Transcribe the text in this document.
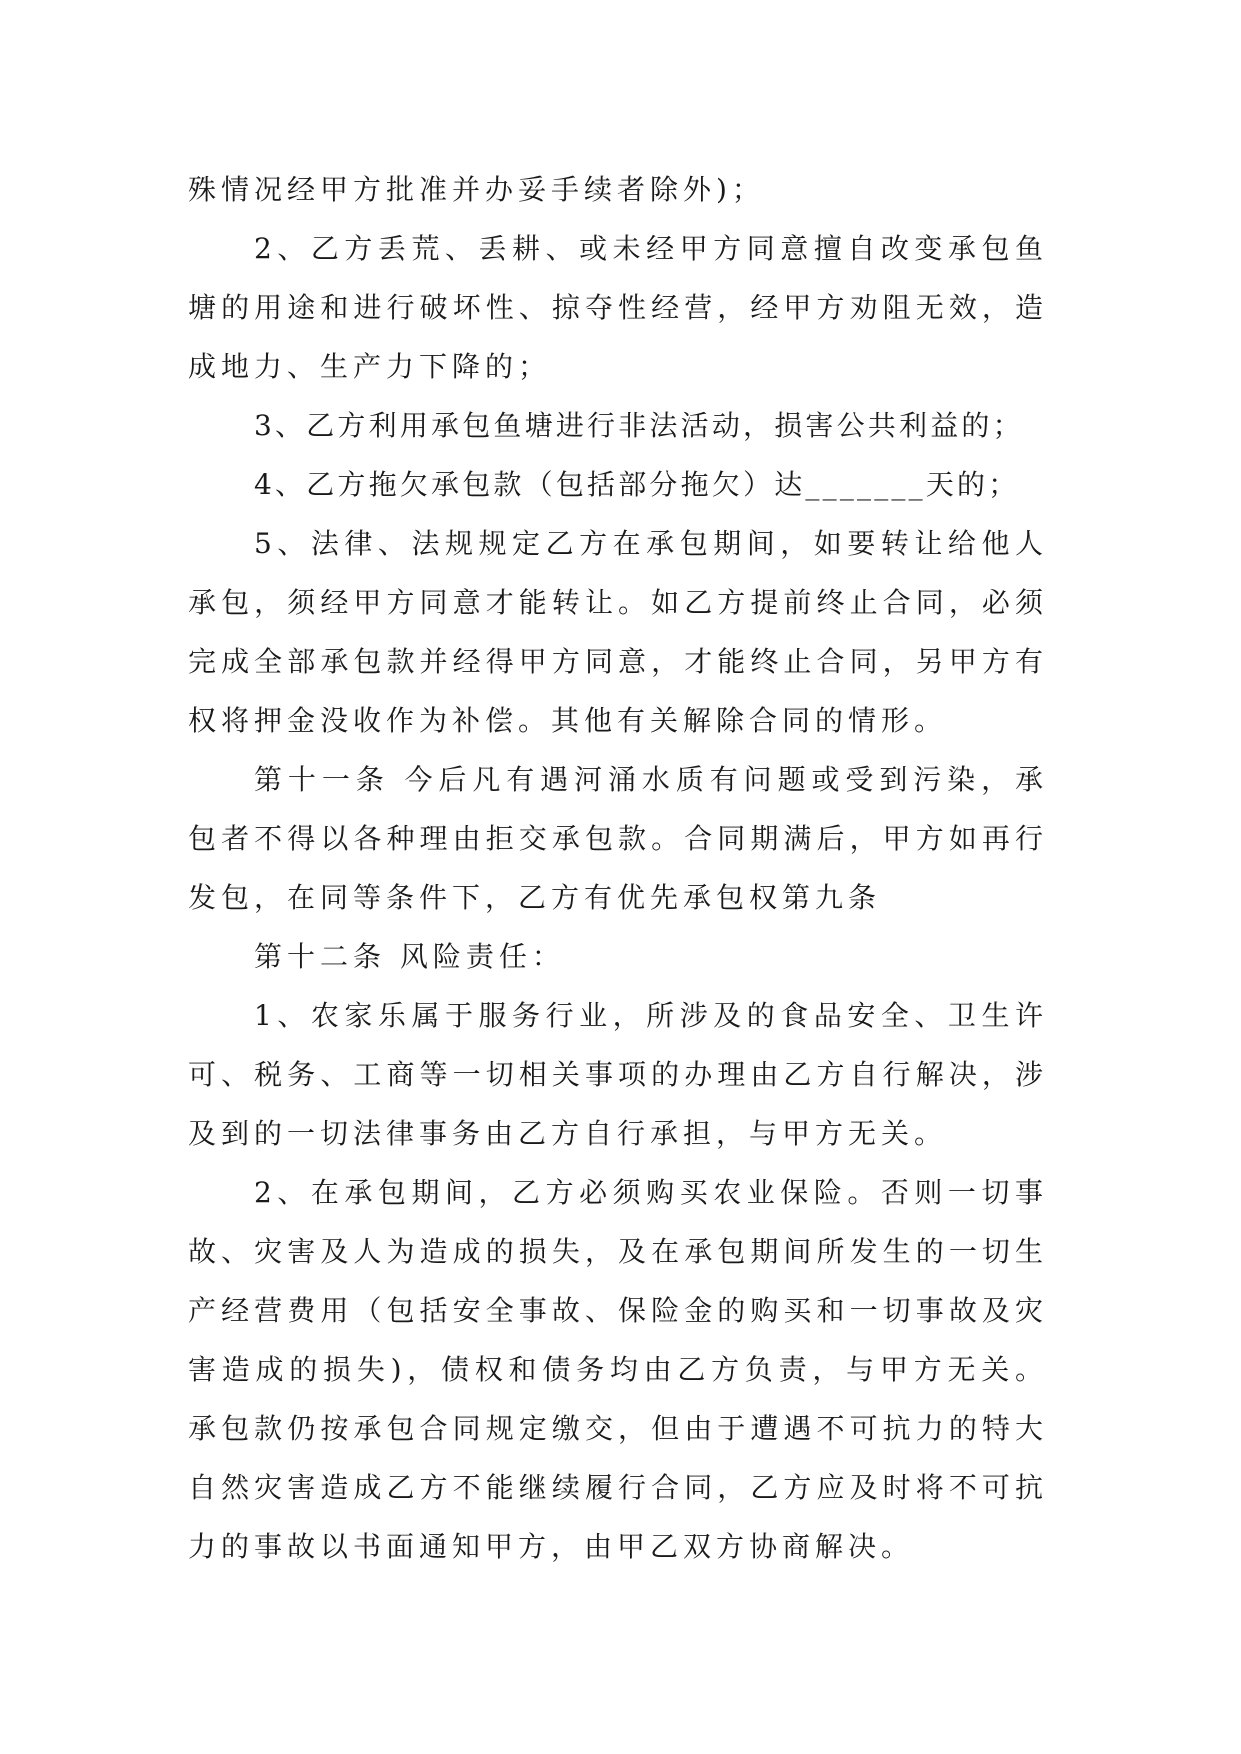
殊情况经甲方批准并办妥手续者除外)；

2、乙方丢荒、丢耕、或未经甲方同意擅自改变承包鱼塘的用途和进行破坏性、掠夺性经营，经甲方劝阻无效，造成地力、生产力下降的；

3、乙方利用承包鱼塘进行非法活动，损害公共利益的；

4、乙方拖欠承包款（包括部分拖欠）达_______天的；

5、法律、法规规定乙方在承包期间，如要转让给他人承包，须经甲方同意才能转让。如乙方提前终止合同，必须完成全部承包款并经得甲方同意，才能终止合同，另甲方有权将押金没收作为补偿。其他有关解除合同的情形。

第十一条 今后凡有遇河涌水质有问题或受到污染，承包者不得以各种理由拒交承包款。合同期满后，甲方如再行发包，在同等条件下，乙方有优先承包权第九条

第十二条 风险责任：

1、农家乐属于服务行业，所涉及的食品安全、卫生许可、税务、工商等一切相关事项的办理由乙方自行解决，涉及到的一切法律事务由乙方自行承担，与甲方无关。

2、在承包期间，乙方必须购买农业保险。否则一切事故、灾害及人为造成的损失，及在承包期间所发生的一切生产经营费用（包括安全事故、保险金的购买和一切事故及灾害造成的损失)，债权和债务均由乙方负责，与甲方无关。承包款仍按承包合同规定缴交，但由于遭遇不可抗力的特大自然灾害造成乙方不能继续履行合同，乙方应及时将不可抗力的事故以书面通知甲方，由甲乙双方协商解决。
